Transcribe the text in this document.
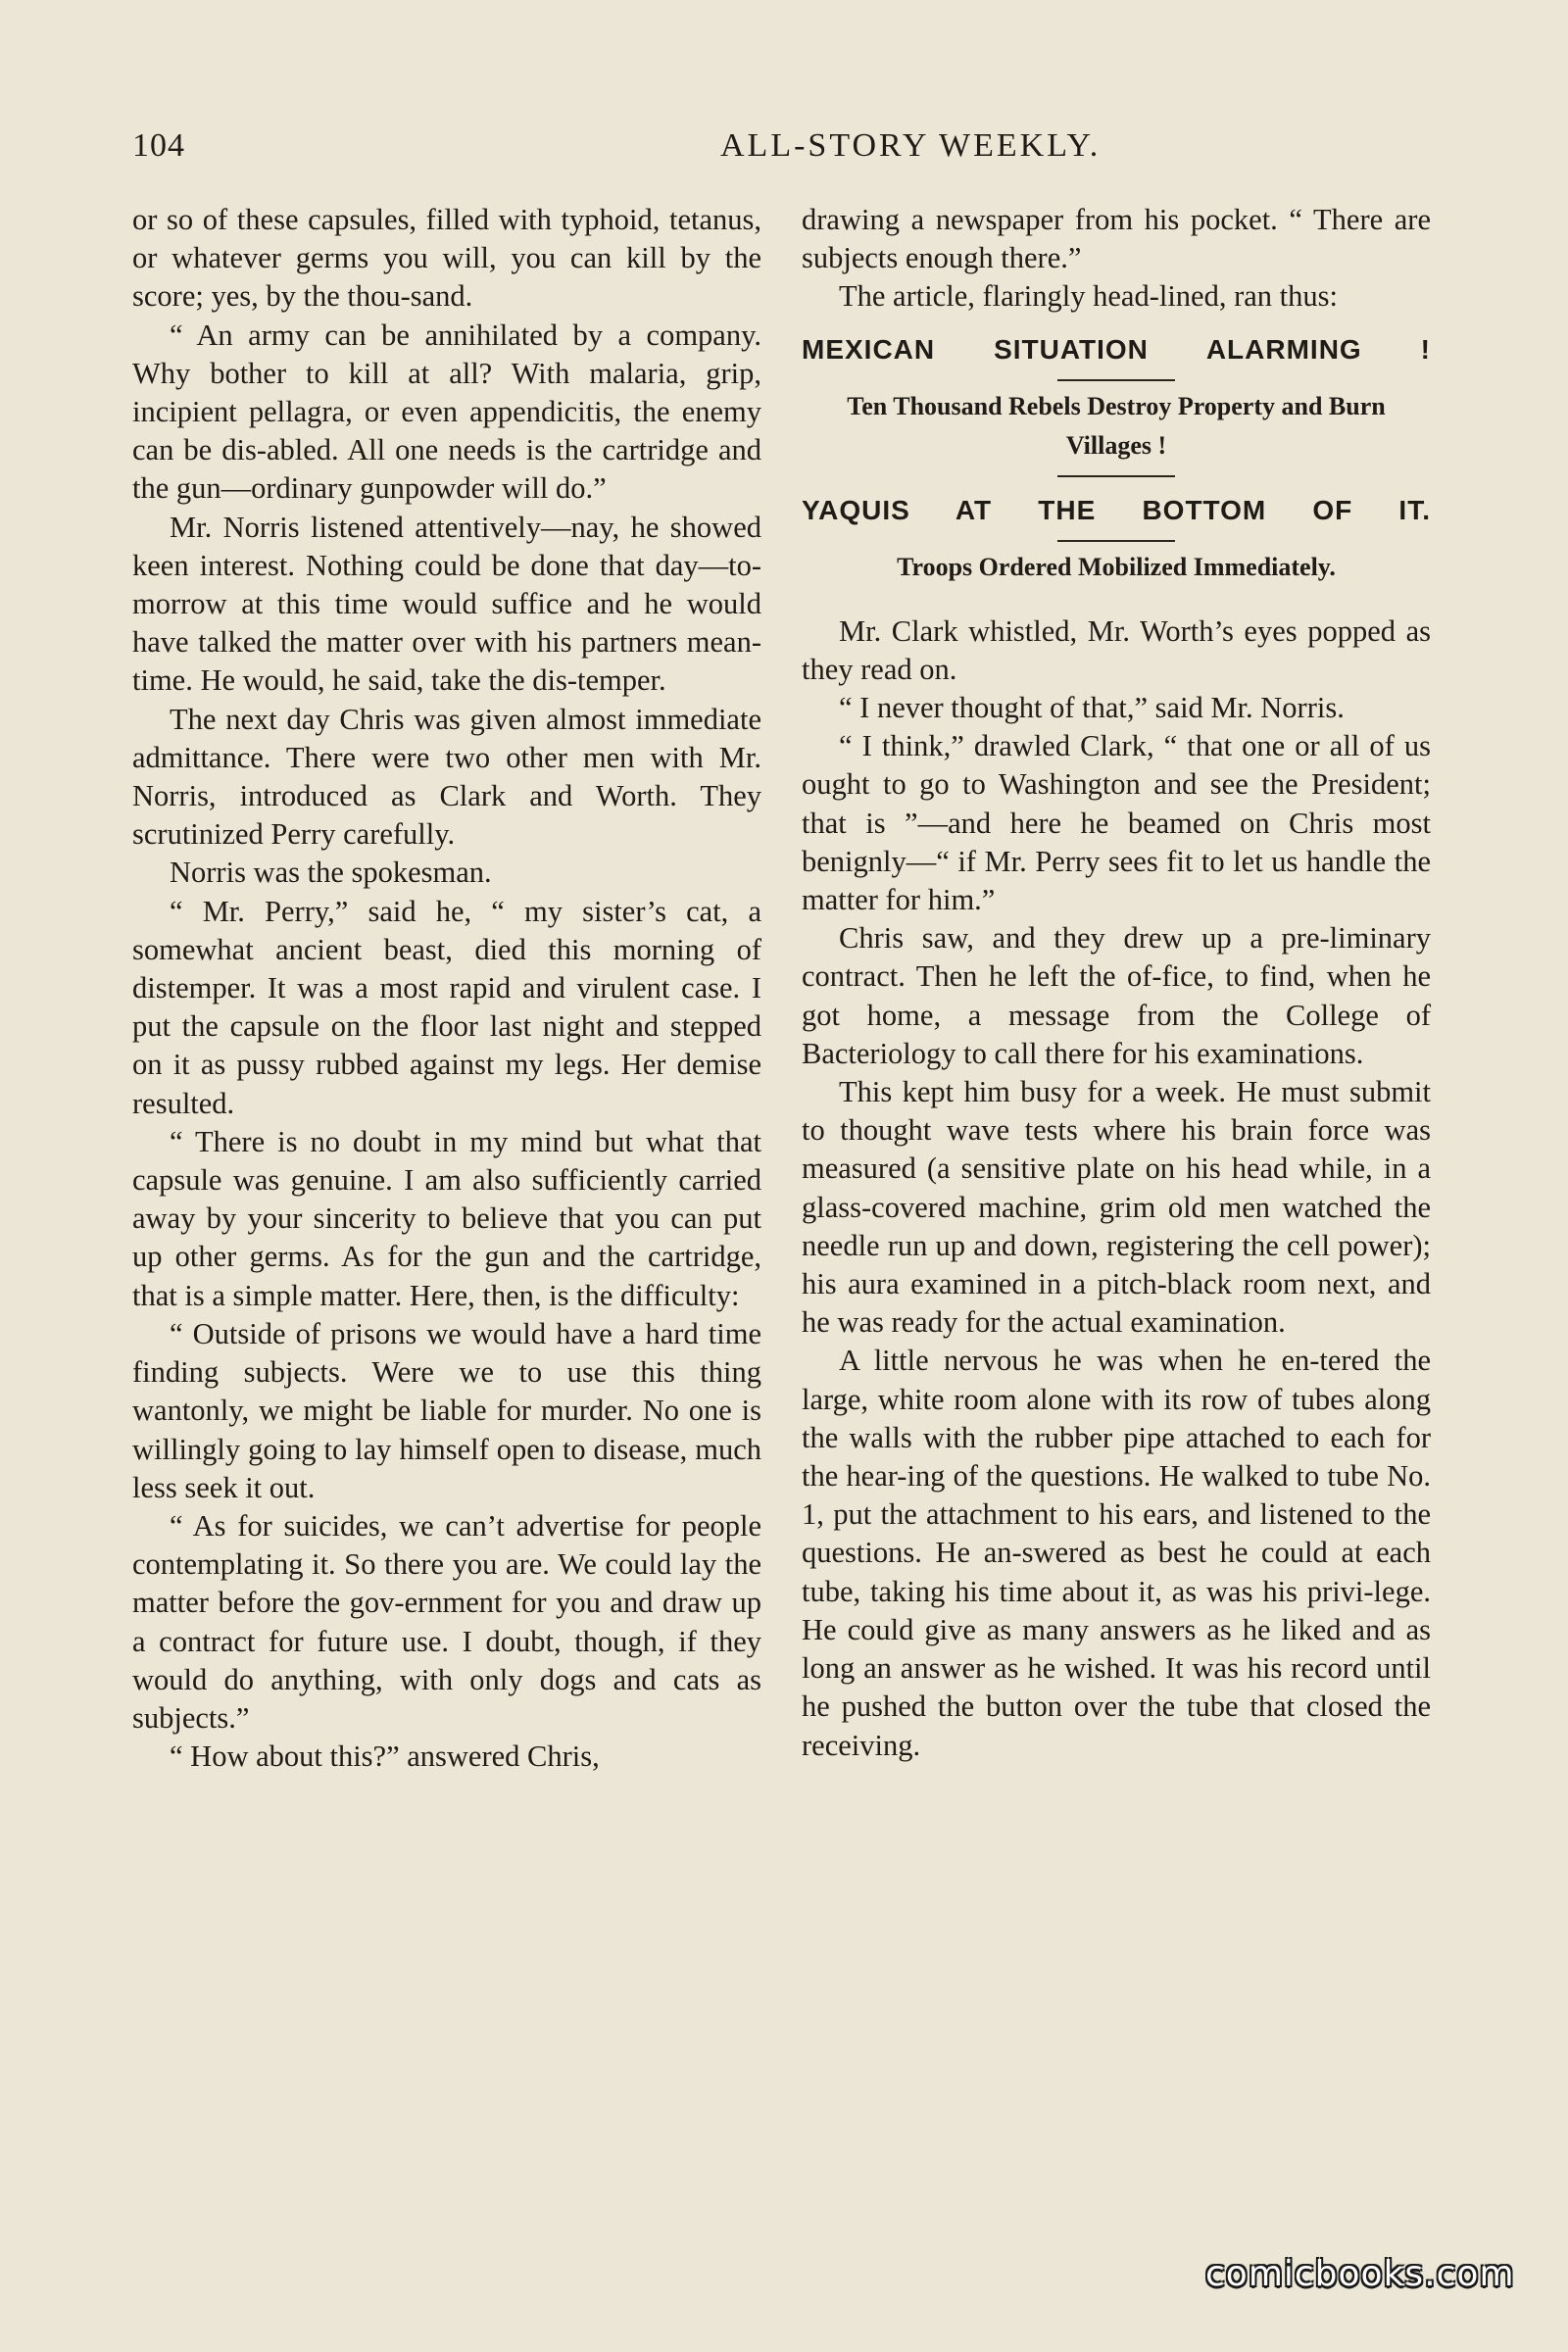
104	ALL-STORY WEEKLY.

or so of these capsules, filled with typhoid, tetanus, or whatever germs you will, you can kill by the score; yes, by the thou-sand.

“ An army can be annihilated by a company. Why bother to kill at all? With malaria, grip, incipient pellagra, or even appendicitis, the enemy can be dis-abled. All one needs is the cartridge and the gun—ordinary gunpowder will do.”

Mr. Norris listened attentively—nay, he showed keen interest. Nothing could be done that day—to-morrow at this time would suffice and he would have talked the matter over with his partners mean-time. He would, he said, take the dis-temper.

The next day Chris was given almost immediate admittance. There were two other men with Mr. Norris, introduced as Clark and Worth. They scrutinized Perry carefully.

Norris was the spokesman.

“ Mr. Perry,” said he, “ my sister’s cat, a somewhat ancient beast, died this morning of distemper. It was a most rapid and virulent case. I put the capsule on the floor last night and stepped on it as pussy rubbed against my legs. Her demise resulted.

“ There is no doubt in my mind but what that capsule was genuine. I am also sufficiently carried away by your sincerity to believe that you can put up other germs. As for the gun and the cartridge, that is a simple matter. Here, then, is the difficulty:

“ Outside of prisons we would have a hard time finding subjects. Were we to use this thing wantonly, we might be liable for murder. No one is willingly going to lay himself open to disease, much less seek it out.

“ As for suicides, we can’t advertise for people contemplating it. So there you are. We could lay the matter before the gov-ernment for you and draw up a contract for future use. I doubt, though, if they would do anything, with only dogs and cats as subjects.”

“ How about this?” answered Chris,

drawing a newspaper from his pocket. “ There are subjects enough there.”

The article, flaringly head-lined, ran thus:

MEXICAN SITUATION ALARMING !
Ten Thousand Rebels Destroy Property and Burn Villages !
YAQUIS AT THE BOTTOM OF IT.
Troops Ordered Mobilized Immediately.

Mr. Clark whistled, Mr. Worth’s eyes popped as they read on.

“ I never thought of that,” said Mr. Norris.

“ I think,” drawled Clark, “ that one or all of us ought to go to Washington and see the President; that is ”—and here he beamed on Chris most benignly—“ if Mr. Perry sees fit to let us handle the matter for him.”

Chris saw, and they drew up a pre-liminary contract. Then he left the of-fice, to find, when he got home, a message from the College of Bacteriology to call there for his examinations.

This kept him busy for a week. He must submit to thought wave tests where his brain force was measured (a sensitive plate on his head while, in a glass-covered machine, grim old men watched the needle run up and down, registering the cell power); his aura examined in a pitch-black room next, and he was ready for the actual examination.

A little nervous he was when he en-tered the large, white room alone with its row of tubes along the walls with the rubber pipe attached to each for the hear-ing of the questions. He walked to tube No. 1, put the attachment to his ears, and listened to the questions. He an-swered as best he could at each tube, taking his time about it, as was his privi-lege. He could give as many answers as he liked and as long an answer as he wished. It was his record until he pushed the button over the tube that closed the receiving.

comicbooks.com
